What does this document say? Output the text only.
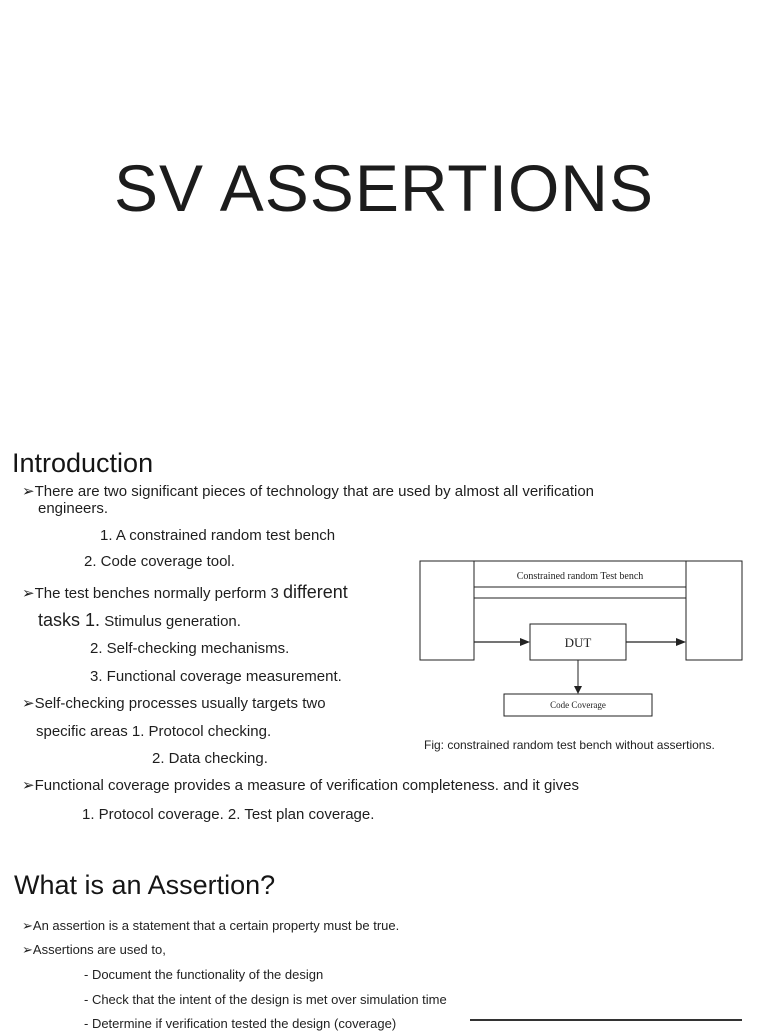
SV ASSERTIONS
Introduction
➢There are two significant pieces of technology that are used by almost all verification
engineers.
1. A constrained random test bench
2. Code coverage tool.
➢The test benches normally perform 3 different
tasks 1. Stimulus generation.
2. Self-checking mechanisms.
3. Functional coverage measurement.
➢Self-checking processes usually targets two
specific areas 1. Protocol checking.
2. Data checking.
➢Functional coverage provides a measure of verification completeness. and it gives
1. Protocol coverage. 2. Test plan coverage.
Constrained random Test bench
DUT
Code Coverage
Fig: constrained random test bench without assertions.
What is an Assertion?
➢An assertion is a statement that a certain property must be true.
➢Assertions are used to,
- Document the functionality of the design
- Check that the intent of the design is met over simulation time
- Determine if verification tested the design (coverage)
